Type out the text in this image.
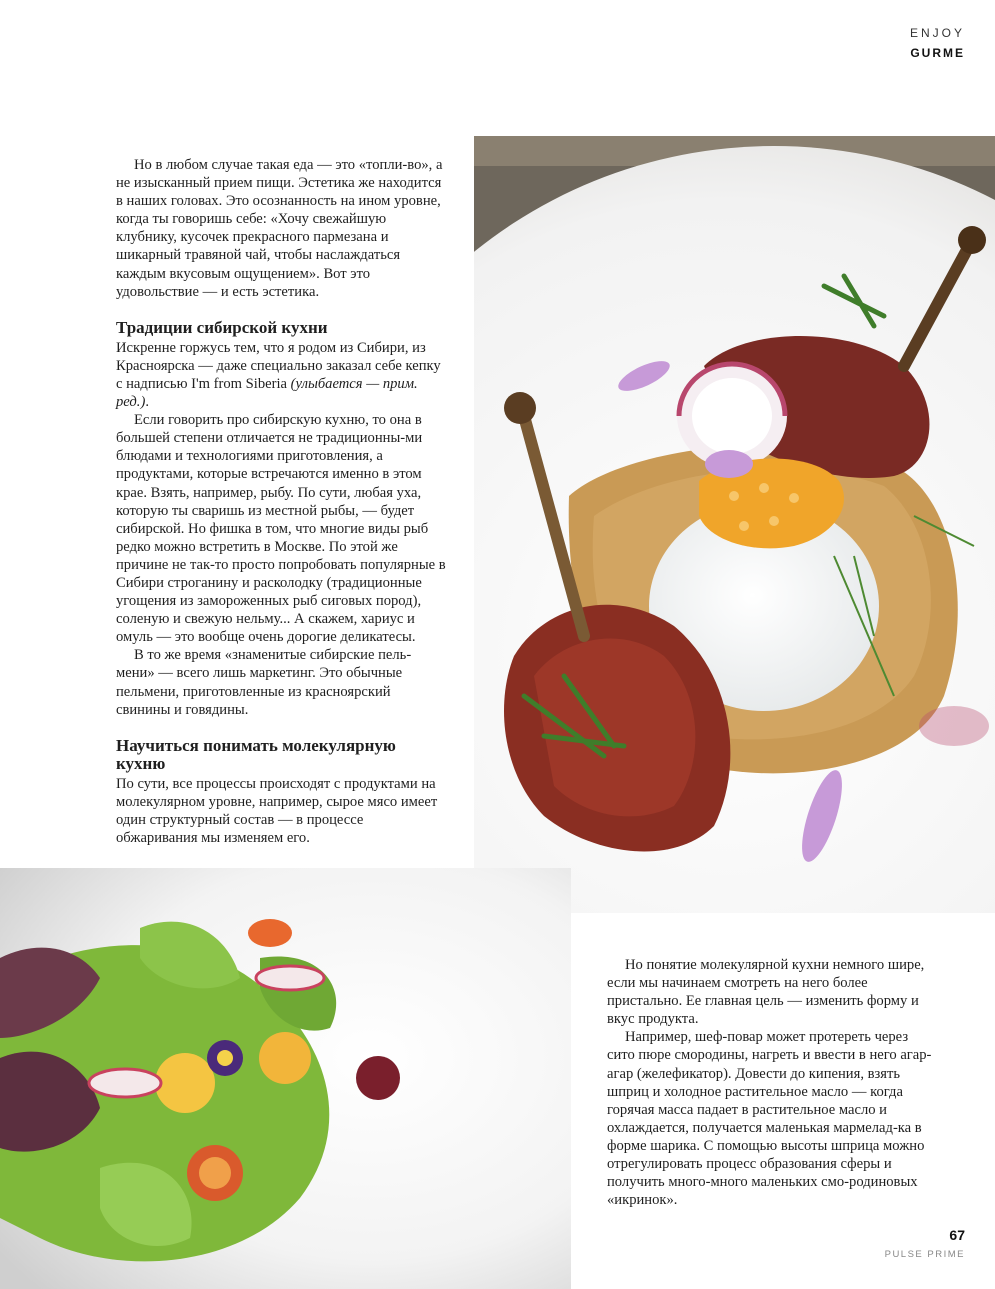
ENJOY
GURME

Но в любом случае такая еда — это «топли-во», а не изысканный прием пищи. Эстетика же находится в наших головах. Это осознанность на ином уровне, когда ты говоришь себе: «Хочу свежайшую клубнику, кусочек прекрасного пармезана и шикарный травяной чай, чтобы наслаждаться каждым вкусовым ощущением». Вот это удовольствие — и есть эстетика.

Традиции сибирской кухни

Искренне горжусь тем, что я родом из Сибири, из Красноярска — даже специально заказал себе кепку с надписью I'm from Siberia (улыбается — прим. ред.).

Если говорить про сибирскую кухню, то она в большей степени отличается не традиционны-ми блюдами и технологиями приготовления, а продуктами, которые встречаются именно в этом крае. Взять, например, рыбу. По сути, любая уха, которую ты сваришь из местной рыбы, — будет сибирской. Но фишка в том, что многие виды рыб редко можно встретить в Москве. По этой же причине не так-то просто попробовать популярные в Сибири строганину и расколодку (традиционные угощения из замороженных рыб сиговых пород), соленую и свежую нельму... А скажем, хариус и омуль — это вообще очень дорогие деликатесы.

В то же время «знаменитые сибирские пель-мени» — всего лишь маркетинг. Это обычные пельмени, приготовленные из красноярский свинины и говядины.

Научиться понимать молекулярную кухню

По сути, все процессы происходят с продуктами на молекулярном уровне, например, сырое мясо имеет один структурный состав — в процессе обжаривания мы изменяем его.

Но понятие молекулярной кухни немного шире, если мы начинаем смотреть на него более пристально. Ее главная цель — изменить форму и вкус продукта.

Например, шеф-повар может протереть через сито пюре смородины, нагреть и ввести в него агар-агар (желефикатор). Довести до кипения, взять шприц и холодное растительное масло — когда горячая масса падает в растительное масло и охлаждается, получается маленькая мармелад-ка в форме шарика. С помощью высоты шприца можно отрегулировать процесс образования сферы и получить много-много маленьких смо-родиновых «икринок».

67
PULSE PRIME
